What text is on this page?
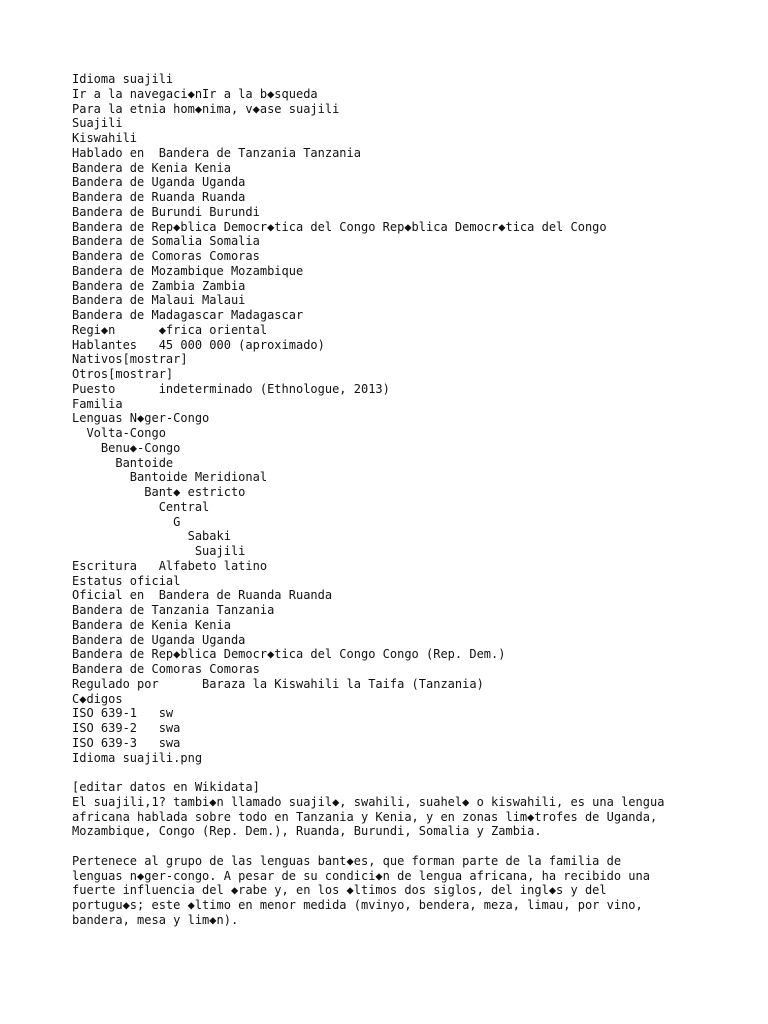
Idioma suajili
Ir a la navegaci◆nIr a la b◆squeda
Para la etnia hom◆nima, v◆ase suajili
Suajili
Kiswahili
Hablado en  Bandera de Tanzania Tanzania
Bandera de Kenia Kenia
Bandera de Uganda Uganda
Bandera de Ruanda Ruanda
Bandera de Burundi Burundi
Bandera de Rep◆blica Democr◆tica del Congo Rep◆blica Democr◆tica del Congo
Bandera de Somalia Somalia
Bandera de Comoras Comoras
Bandera de Mozambique Mozambique
Bandera de Zambia Zambia
Bandera de Malaui Malaui
Bandera de Madagascar Madagascar
Regi◆n      ◆frica oriental
Hablantes   45 000 000 (aproximado)
Nativos[mostrar]
Otros[mostrar]
Puesto      indeterminado (Ethnologue, 2013)
Familia
Lenguas N◆ger-Congo
Volta-Congo
Benu◆-Congo
Bantoide
Bantoide Meridional
Bant◆ estricto
Central
G
Sabaki
Suajili
Escritura   Alfabeto latino
Estatus oficial
Oficial en  Bandera de Ruanda Ruanda
Bandera de Tanzania Tanzania
Bandera de Kenia Kenia
Bandera de Uganda Uganda
Bandera de Rep◆blica Democr◆tica del Congo Congo (Rep. Dem.)
Bandera de Comoras Comoras
Regulado por      Baraza la Kiswahili la Taifa (Tanzania)
C◆digos
ISO 639-1   sw
ISO 639-2   swa
ISO 639-3   swa
Idioma suajili.png
[editar datos en Wikidata]
El suajili,1? tambi◆n llamado suajil◆, swahili, suahel◆ o kiswahili, es una lengua
africana hablada sobre todo en Tanzania y Kenia, y en zonas lim◆trofes de Uganda,
Mozambique, Congo (Rep. Dem.), Ruanda, Burundi, Somalia y Zambia.
Pertenece al grupo de las lenguas bant◆es, que forman parte de la familia de
lenguas n◆ger-congo. A pesar de su condici◆n de lengua africana, ha recibido una
fuerte influencia del ◆rabe y, en los ◆ltimos dos siglos, del ingl◆s y del
portugu◆s; este ◆ltimo en menor medida (mvinyo, bendera, meza, limau, por vino,
bandera, mesa y lim◆n).
